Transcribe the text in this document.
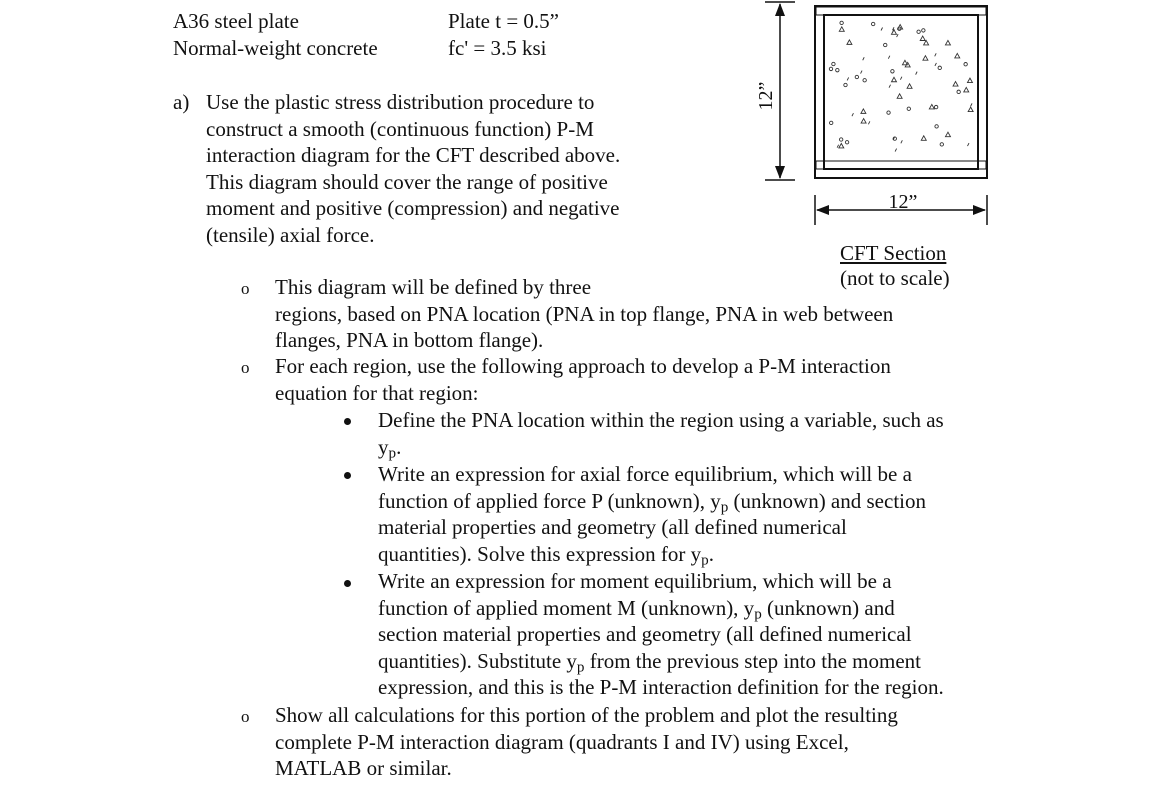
A36 steel plate
Normal-weight concrete
Plate t = 0.5”
fc' = 3.5 ksi
12”
12”
CFT Section
(not to scale)
a) Use the plastic stress distribution procedure to
construct a smooth (continuous function) P-M
interaction diagram for the CFT described above.
This diagram should cover the range of positive
moment and positive (compression) and negative
(tensile) axial force.
o This diagram will be defined by three
regions, based on PNA location (PNA in top flange, PNA in web between
flanges, PNA in bottom flange).
o For each region, use the following approach to develop a P-M interaction
equation for that region:
Define the PNA location within the region using a variable, such as
$y_p$.
Write an expression for axial force equilibrium, which will be a
function of applied force P (unknown), $y_p$ (unknown) and section
material properties and geometry (all defined numerical
quantities). Solve this expression for $y_p$.
Write an expression for moment equilibrium, which will be a
function of applied moment M (unknown), $y_p$ (unknown) and
section material properties and geometry (all defined numerical
quantities). Substitute $y_p$ from the previous step into the moment
expression, and this is the P-M interaction definition for the region.
o Show all calculations for this portion of the problem and plot the resulting
complete P-M interaction diagram (quadrants I and IV) using Excel,
MATLAB or similar.
